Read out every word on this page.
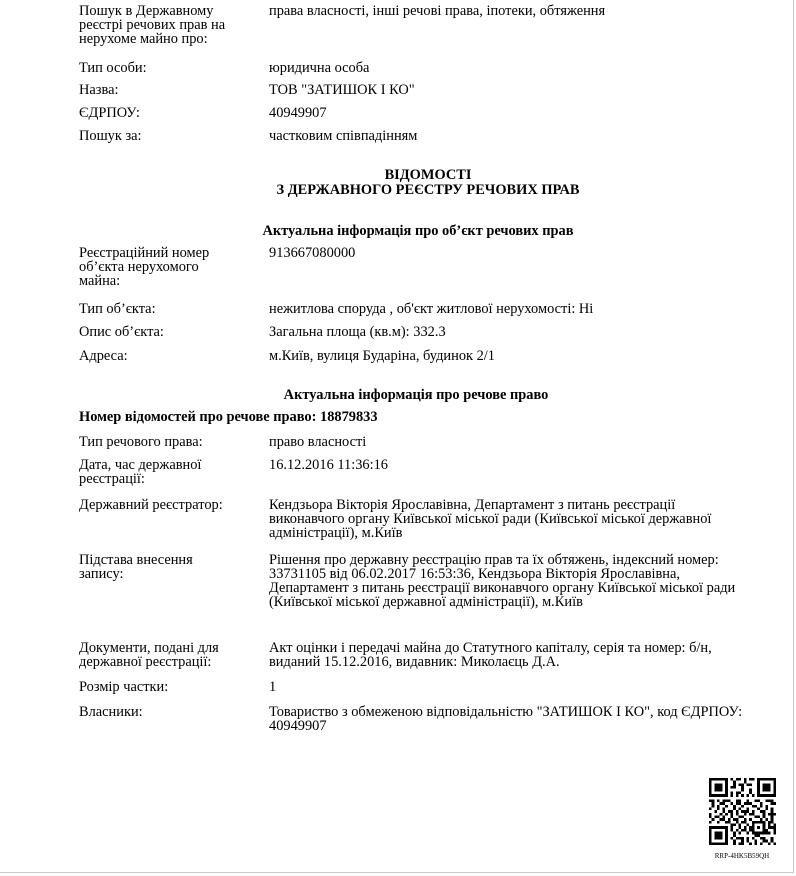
Пошук в Державному реєстрі речових прав на нерухоме майно про:
права власності, інші речові права, іпотеки, обтяження
Тип особи:	юридична особа
Назва:	ТОВ "ЗАТИШОК І КО"
ЄДРПОУ:	40949907
Пошук за:	частковим співпадінням
ВІДОМОСТІ
З ДЕРЖАВНОГО РЕЄСТРУ РЕЧОВИХ ПРАВ
Актуальна інформація про об’єкт речових прав
Реєстраційний номер об’єкта нерухомого майна:
913667080000
Тип об’єкта:	нежитлова споруда , об'єкт житлової нерухомості: Ні
Опис об’єкта:	Загальна площа (кв.м): 332.3
Адреса:	м.Київ, вулиця Бударіна, будинок 2/1
Актуальна інформація про речове право
Номер відомостей про речове право: 18879833
Тип речового права:	право власності
Дата, час державної реєстрації:
16.12.2016 11:36:16
Державний реєстратор:	Кендзьора Вікторія Ярославівна, Департамент з питань реєстрації виконавчого органу Київської міської ради (Київської міської державної адміністрації), м.Київ
Підстава внесення запису:
Рішення про державну реєстрацію прав та їх обтяжень, індексний номер: 33731105 від 06.02.2017 16:53:36, Кендзьора Вікторія Ярославівна, Департамент з питань реєстрації виконавчого органу Київської міської ради (Київської міської державної адміністрації), м.Київ
Документи, подані для державної реєстрації:
Акт оцінки і передачі майна до Статутного капіталу, серія та номер: б/н, виданий 15.12.2016, видавник: Миколаєць Д.А.
Розмір частки:	1
Власники:	Товариство з обмеженою відповідальністю "ЗАТИШОК І КО", код ЄДРПОУ: 40949907
RRP-4HK5B59QH
